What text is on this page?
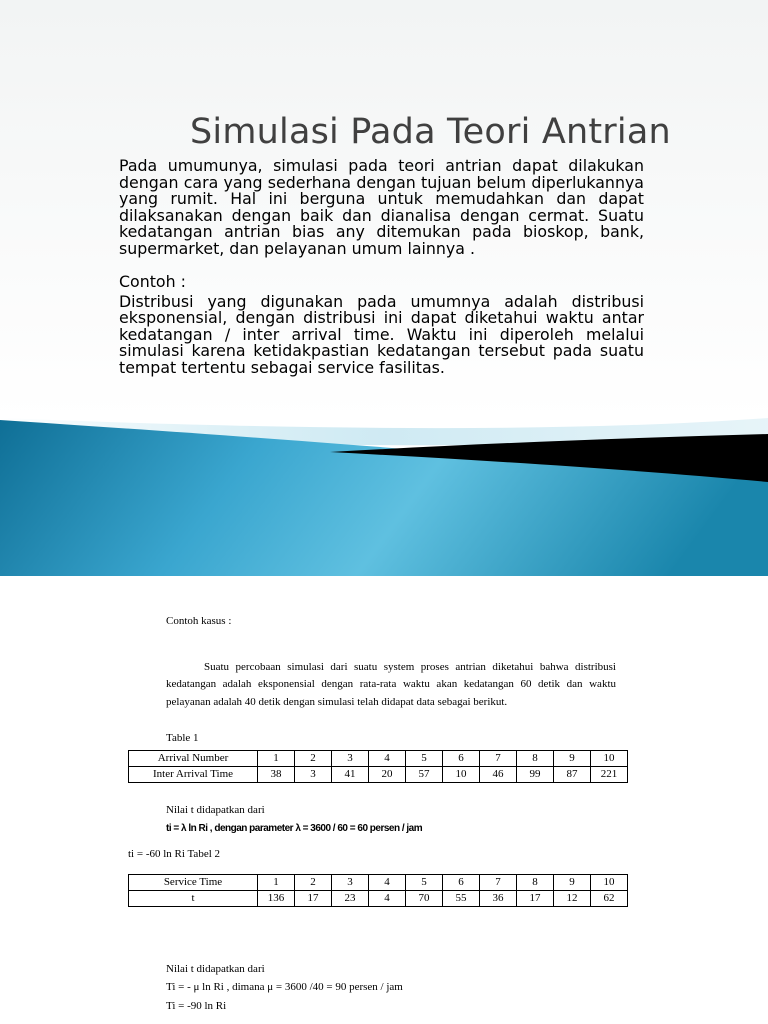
Simulasi Pada Teori Antrian

Pada umumunya, simulasi pada teori antrian dapat dilakukan dengan cara yang sederhana dengan tujuan belum diperlukannya yang rumit. Hal ini berguna untuk memudahkan dan dapat dilaksanakan dengan baik dan dianalisa dengan cermat. Suatu kedatangan antrian bias any ditemukan pada bioskop, bank, supermarket, dan pelayanan umum lainnya .

Contoh :

Distribusi yang digunakan pada umumnya adalah distribusi eksponensial, dengan distribusi ini dapat diketahui waktu antar kedatangan / inter arrival time. Waktu ini diperoleh melalui simulasi karena ketidakpastian kedatangan tersebut pada suatu tempat tertentu sebagai service fasilitas.

Contoh kasus :

Suatu percobaan simulasi dari suatu system proses antrian diketahui bahwa distribusi kedatangan adalah eksponensial dengan rata-rata waktu akan kedatangan 60 detik dan waktu pelayanan adalah 40 detik dengan simulasi telah didapat data sebagai berikut.

Table 1
Arrival Number	1	2	3	4	5	6	7	8	9	10
Inter Arrival Time	38	3	41	20	57	10	46	99	87	221
Nilai t didapatkan dari
ti = λ ln Ri , dengan parameter λ = 3600 / 60 = 60 persen / jam
ti = -60 ln Ri Tabel 2
Service Time	1	2	3	4	5	6	7	8	9	10
t	136	17	23	4	70	55	36	17	12	62
Nilai t didapatkan dari
Ti = - μ ln Ri , dimana μ = 3600 /40 = 90 persen / jam
Ti = -90 ln Ri
